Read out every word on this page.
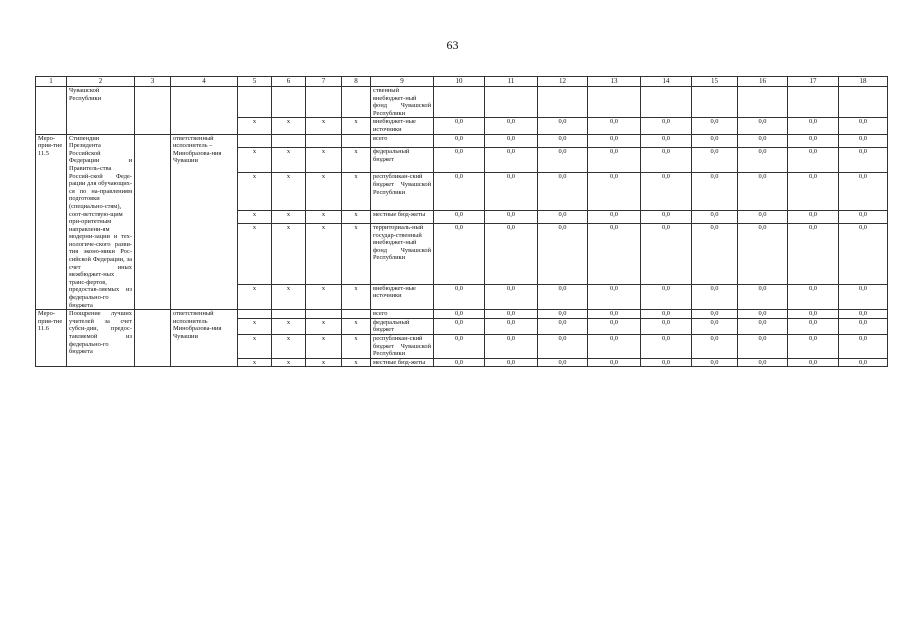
63
1	2	3	4	5	6	7	8	9	10	11	12	13	14	15	16	17	18
	Чувашской Республики							ственный внебюджет-ный фонд Чувашской Республики									
				x	x	x	x	внебюджет-ные источники	0,0	0,0	0,0	0,0	0,0	0,0	0,0	0,0	0,0
Меро-прия-тие 11.5	Стипендии Президента Российской Федерации и Правитель-ства Россий-ской Феде-рации для обучающих-ся по на-правлениям подготовки (специально-стям), соот-ветствую-щим при-оритетным направлени-ям модерни-зации и тех-нологиче-ского разви-тия эконо-мики Рос-сийской Федерации, за счет иных межбюджет-ных транс-фертов, предостав-ляемых из федерально-го бюджета		ответственный исполнитель – Минобразова-ния Чувашии					всего	0,0	0,0	0,0	0,0	0,0	0,0	0,0	0,0	0,0
				x	x	x	x	федеральный бюджет	0,0	0,0	0,0	0,0	0,0	0,0	0,0	0,0	0,0
				x	x	x	x	республикан-ский бюджет Чувашской Республики	0,0	0,0	0,0	0,0	0,0	0,0	0,0	0,0	0,0
				x	x	x	x	местные бюд-жеты	0,0	0,0	0,0	0,0	0,0	0,0	0,0	0,0	0,0
				x	x	x	x	территориаль-ный государ-ственный внебюджет-ный фонд Чувашской Республики	0,0	0,0	0,0	0,0	0,0	0,0	0,0	0,0	0,0
				x	x	x	x	внебюджет-ные источники	0,0	0,0	0,0	0,0	0,0	0,0	0,0	0,0	0,0
Меро-прия-тие 11.6	Поощрение лучших учителей за счет субси-дии, предос-тавляемой из федерально-го бюджета		ответственный исполнитель Минобразова-ния Чувашии					всего	0,0	0,0	0,0	0,0	0,0	0,0	0,0	0,0	0,0
				x	x	x	x	федеральный бюджет	0,0	0,0	0,0	0,0	0,0	0,0	0,0	0,0	0,0
				x	x	x	x	республикан-ский бюджет Чувашской Республики	0,0	0,0	0,0	0,0	0,0	0,0	0,0	0,0	0,0
				x	x	x	x	местные бюд-жеты	0,0	0,0	0,0	0,0	0,0	0,0	0,0	0,0	0,0
